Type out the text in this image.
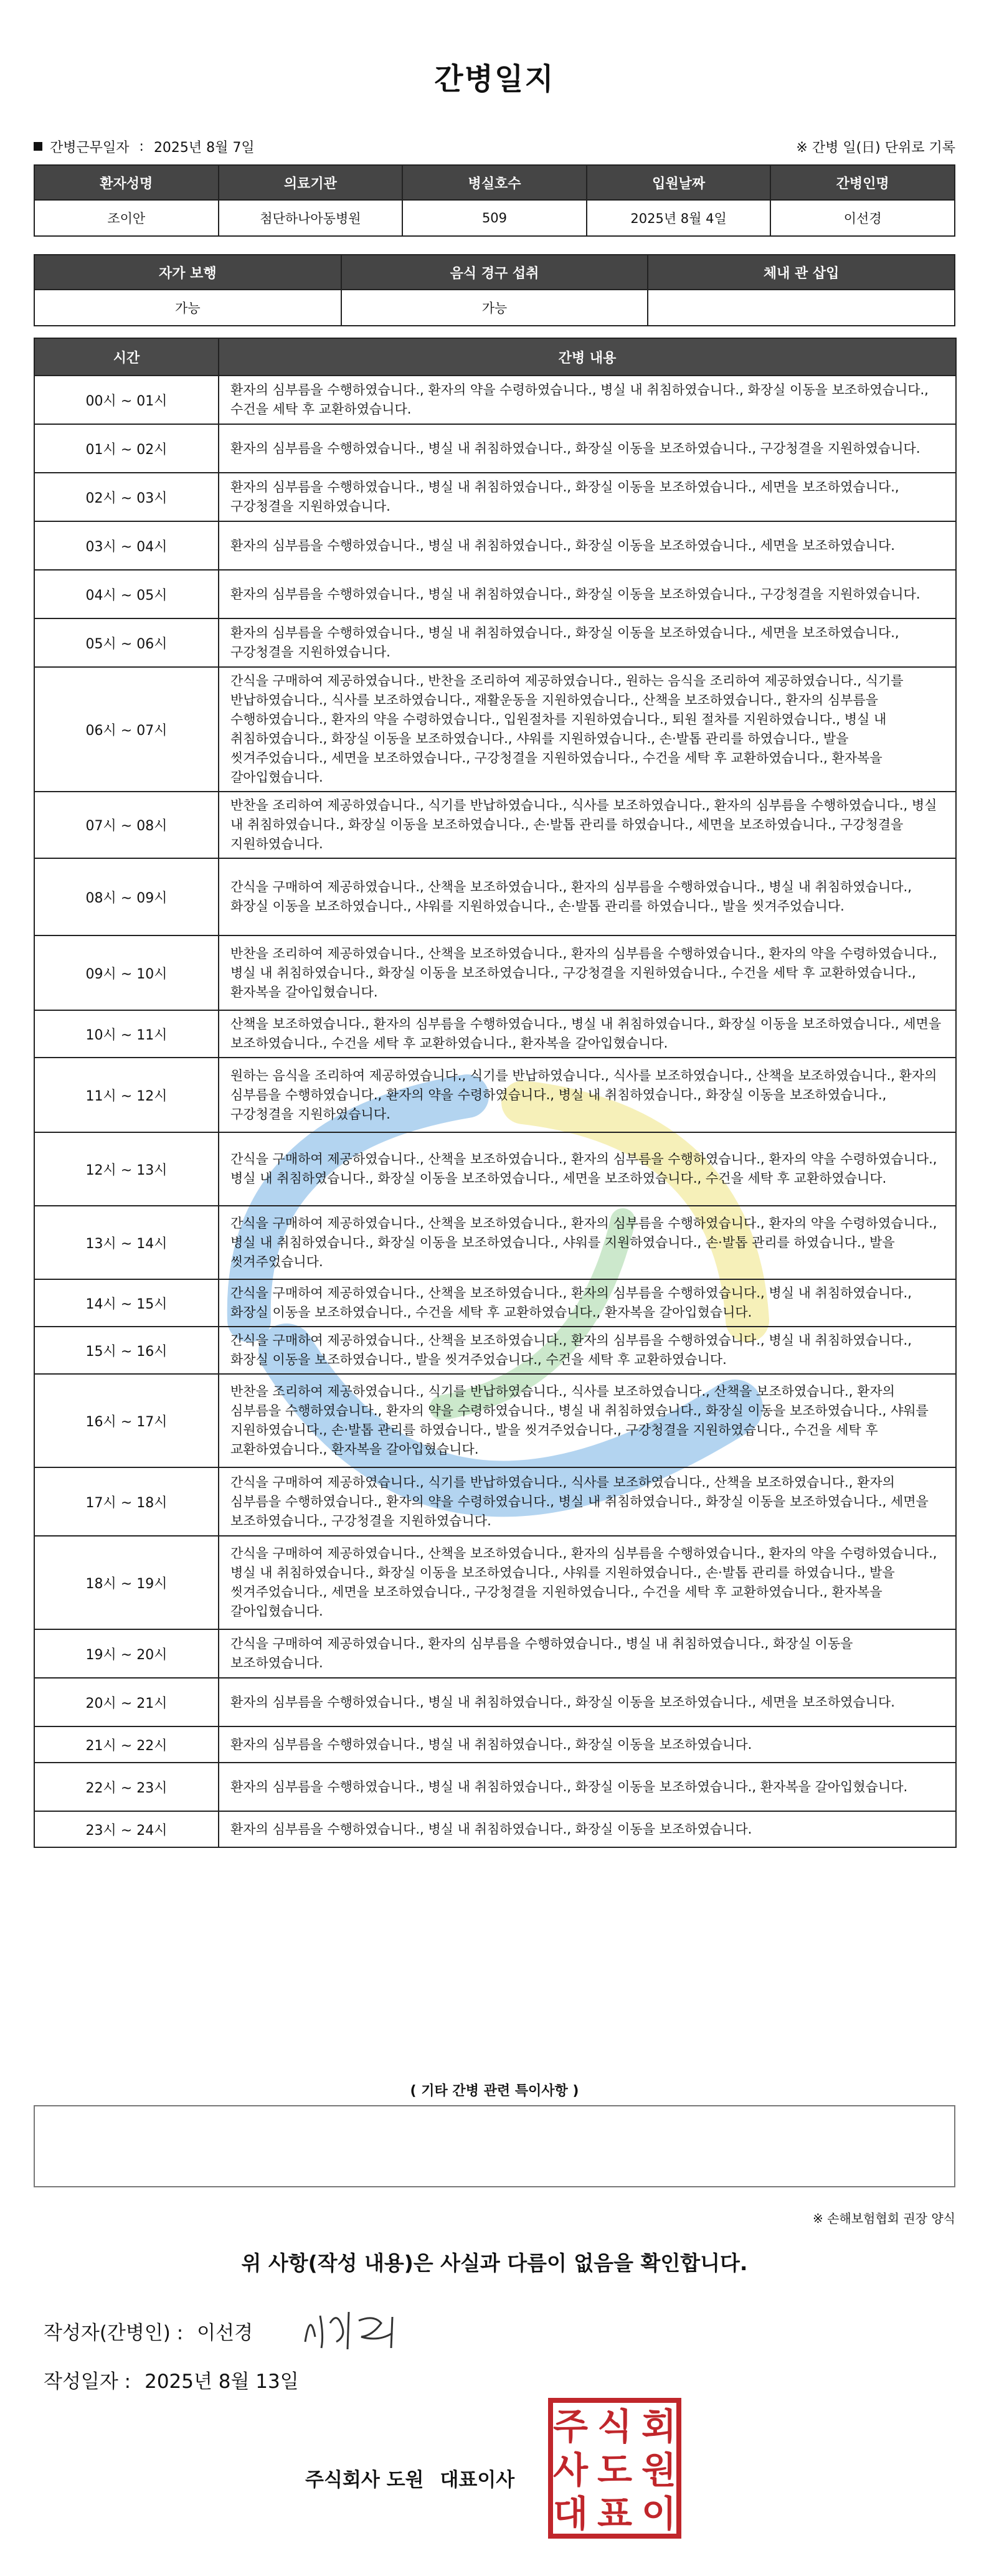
간병일지
간병근무일자 : 2025년 8월 7일	※ 간병 일(日) 단위로 기록
환자성명	의료기관	병실호수	입원날짜	간병인명
조이안	첨단하나아동병원	509	2025년 8월 4일	이선경
자가 보행	음식 경구 섭취	체내 관 삽입
가능	가능	
시간	간병 내용
00시 ~ 01시	환자의 심부름을 수행하였습니다., 환자의 약을 수령하였습니다., 병실 내 취침하였습니다., 화장실 이동을 보조하였습니다., 수건을 세탁 후 교환하였습니다.
01시 ~ 02시	환자의 심부름을 수행하였습니다., 병실 내 취침하였습니다., 화장실 이동을 보조하였습니다., 구강청결을 지원하였습니다.
02시 ~ 03시	환자의 심부름을 수행하였습니다., 병실 내 취침하였습니다., 화장실 이동을 보조하였습니다., 세면을 보조하였습니다., 구강청결을 지원하였습니다.
03시 ~ 04시	환자의 심부름을 수행하였습니다., 병실 내 취침하였습니다., 화장실 이동을 보조하였습니다., 세면을 보조하였습니다.
04시 ~ 05시	환자의 심부름을 수행하였습니다., 병실 내 취침하였습니다., 화장실 이동을 보조하였습니다., 구강청결을 지원하였습니다.
05시 ~ 06시	환자의 심부름을 수행하였습니다., 병실 내 취침하였습니다., 화장실 이동을 보조하였습니다., 세면을 보조하였습니다., 구강청결을 지원하였습니다.
06시 ~ 07시	간식을 구매하여 제공하였습니다., 반찬을 조리하여 제공하였습니다., 원하는 음식을 조리하여 제공하였습니다., 식기를 반납하였습니다., 식사를 보조하였습니다., 재활운동을 지원하였습니다., 산책을 보조하였습니다., 환자의 심부름을 수행하였습니다., 환자의 약을 수령하였습니다., 입원절차를 지원하였습니다., 퇴원 절차를 지원하였습니다., 병실 내 취침하였습니다., 화장실 이동을 보조하였습니다., 샤워를 지원하였습니다., 손·발톱 관리를 하였습니다., 발을 씻겨주었습니다., 세면을 보조하였습니다., 구강청결을 지원하였습니다., 수건을 세탁 후 교환하였습니다., 환자복을 갈아입혔습니다.
07시 ~ 08시	반찬을 조리하여 제공하였습니다., 식기를 반납하였습니다., 식사를 보조하였습니다., 환자의 심부름을 수행하였습니다., 병실 내 취침하였습니다., 화장실 이동을 보조하였습니다., 손·발톱 관리를 하였습니다., 세면을 보조하였습니다., 구강청결을 지원하였습니다.
08시 ~ 09시	간식을 구매하여 제공하였습니다., 산책을 보조하였습니다., 환자의 심부름을 수행하였습니다., 병실 내 취침하였습니다., 화장실 이동을 보조하였습니다., 샤워를 지원하였습니다., 손·발톱 관리를 하였습니다., 발을 씻겨주었습니다.
09시 ~ 10시	반찬을 조리하여 제공하였습니다., 산책을 보조하였습니다., 환자의 심부름을 수행하였습니다., 환자의 약을 수령하였습니다., 병실 내 취침하였습니다., 화장실 이동을 보조하였습니다., 구강청결을 지원하였습니다., 수건을 세탁 후 교환하였습니다., 환자복을 갈아입혔습니다.
10시 ~ 11시	산책을 보조하였습니다., 환자의 심부름을 수행하였습니다., 병실 내 취침하였습니다., 화장실 이동을 보조하였습니다., 세면을 보조하였습니다., 수건을 세탁 후 교환하였습니다., 환자복을 갈아입혔습니다.
11시 ~ 12시	원하는 음식을 조리하여 제공하였습니다., 식기를 반납하였습니다., 식사를 보조하였습니다., 산책을 보조하였습니다., 환자의 심부름을 수행하였습니다., 환자의 약을 수령하였습니다., 병실 내 취침하였습니다., 화장실 이동을 보조하였습니다., 구강청결을 지원하였습니다.
12시 ~ 13시	간식을 구매하여 제공하였습니다., 산책을 보조하였습니다., 환자의 심부름을 수행하였습니다., 환자의 약을 수령하였습니다., 병실 내 취침하였습니다., 화장실 이동을 보조하였습니다., 세면을 보조하였습니다., 수건을 세탁 후 교환하였습니다.
13시 ~ 14시	간식을 구매하여 제공하였습니다., 산책을 보조하였습니다., 환자의 심부름을 수행하였습니다., 환자의 약을 수령하였습니다., 병실 내 취침하였습니다., 화장실 이동을 보조하였습니다., 샤워를 지원하였습니다., 손·발톱 관리를 하였습니다., 발을 씻겨주었습니다.
14시 ~ 15시	간식을 구매하여 제공하였습니다., 산책을 보조하였습니다., 환자의 심부름을 수행하였습니다., 병실 내 취침하였습니다., 화장실 이동을 보조하였습니다., 수건을 세탁 후 교환하였습니다., 환자복을 갈아입혔습니다.
15시 ~ 16시	간식을 구매하여 제공하였습니다., 산책을 보조하였습니다., 환자의 심부름을 수행하였습니다., 병실 내 취침하였습니다., 화장실 이동을 보조하였습니다., 발을 씻겨주었습니다., 수건을 세탁 후 교환하였습니다.
16시 ~ 17시	반찬을 조리하여 제공하였습니다., 식기를 반납하였습니다., 식사를 보조하였습니다., 산책을 보조하였습니다., 환자의 심부름을 수행하였습니다., 환자의 약을 수령하였습니다., 병실 내 취침하였습니다., 화장실 이동을 보조하였습니다., 샤워를 지원하였습니다., 손·발톱 관리를 하였습니다., 발을 씻겨주었습니다., 구강청결을 지원하였습니다., 수건을 세탁 후 교환하였습니다., 환자복을 갈아입혔습니다.
17시 ~ 18시	간식을 구매하여 제공하였습니다., 식기를 반납하였습니다., 식사를 보조하였습니다., 산책을 보조하였습니다., 환자의 심부름을 수행하였습니다., 환자의 약을 수령하였습니다., 병실 내 취침하였습니다., 화장실 이동을 보조하였습니다., 세면을 보조하였습니다., 구강청결을 지원하였습니다.
18시 ~ 19시	간식을 구매하여 제공하였습니다., 산책을 보조하였습니다., 환자의 심부름을 수행하였습니다., 환자의 약을 수령하였습니다., 병실 내 취침하였습니다., 화장실 이동을 보조하였습니다., 샤워를 지원하였습니다., 손·발톱 관리를 하였습니다., 발을 씻겨주었습니다., 세면을 보조하였습니다., 구강청결을 지원하였습니다., 수건을 세탁 후 교환하였습니다., 환자복을 갈아입혔습니다.
19시 ~ 20시	간식을 구매하여 제공하였습니다., 환자의 심부름을 수행하였습니다., 병실 내 취침하였습니다., 화장실 이동을 보조하였습니다.
20시 ~ 21시	환자의 심부름을 수행하였습니다., 병실 내 취침하였습니다., 화장실 이동을 보조하였습니다., 세면을 보조하였습니다.
21시 ~ 22시	환자의 심부름을 수행하였습니다., 병실 내 취침하였습니다., 화장실 이동을 보조하였습니다.
22시 ~ 23시	환자의 심부름을 수행하였습니다., 병실 내 취침하였습니다., 화장실 이동을 보조하였습니다., 환자복을 갈아입혔습니다.
23시 ~ 24시	환자의 심부름을 수행하였습니다., 병실 내 취침하였습니다., 화장실 이동을 보조하였습니다.
( 기타 간병 관련 특이사항 )
※ 손해보험협회 권장 양식
위 사항(작성 내용)은 사실과 다름이 없음을 확인합니다.
작성자(간병인) : 이선경
작성일자 : 2025년 8월 13일
주식회사 도원 대표이사
주 식 회
사 도 원
대 표 이
